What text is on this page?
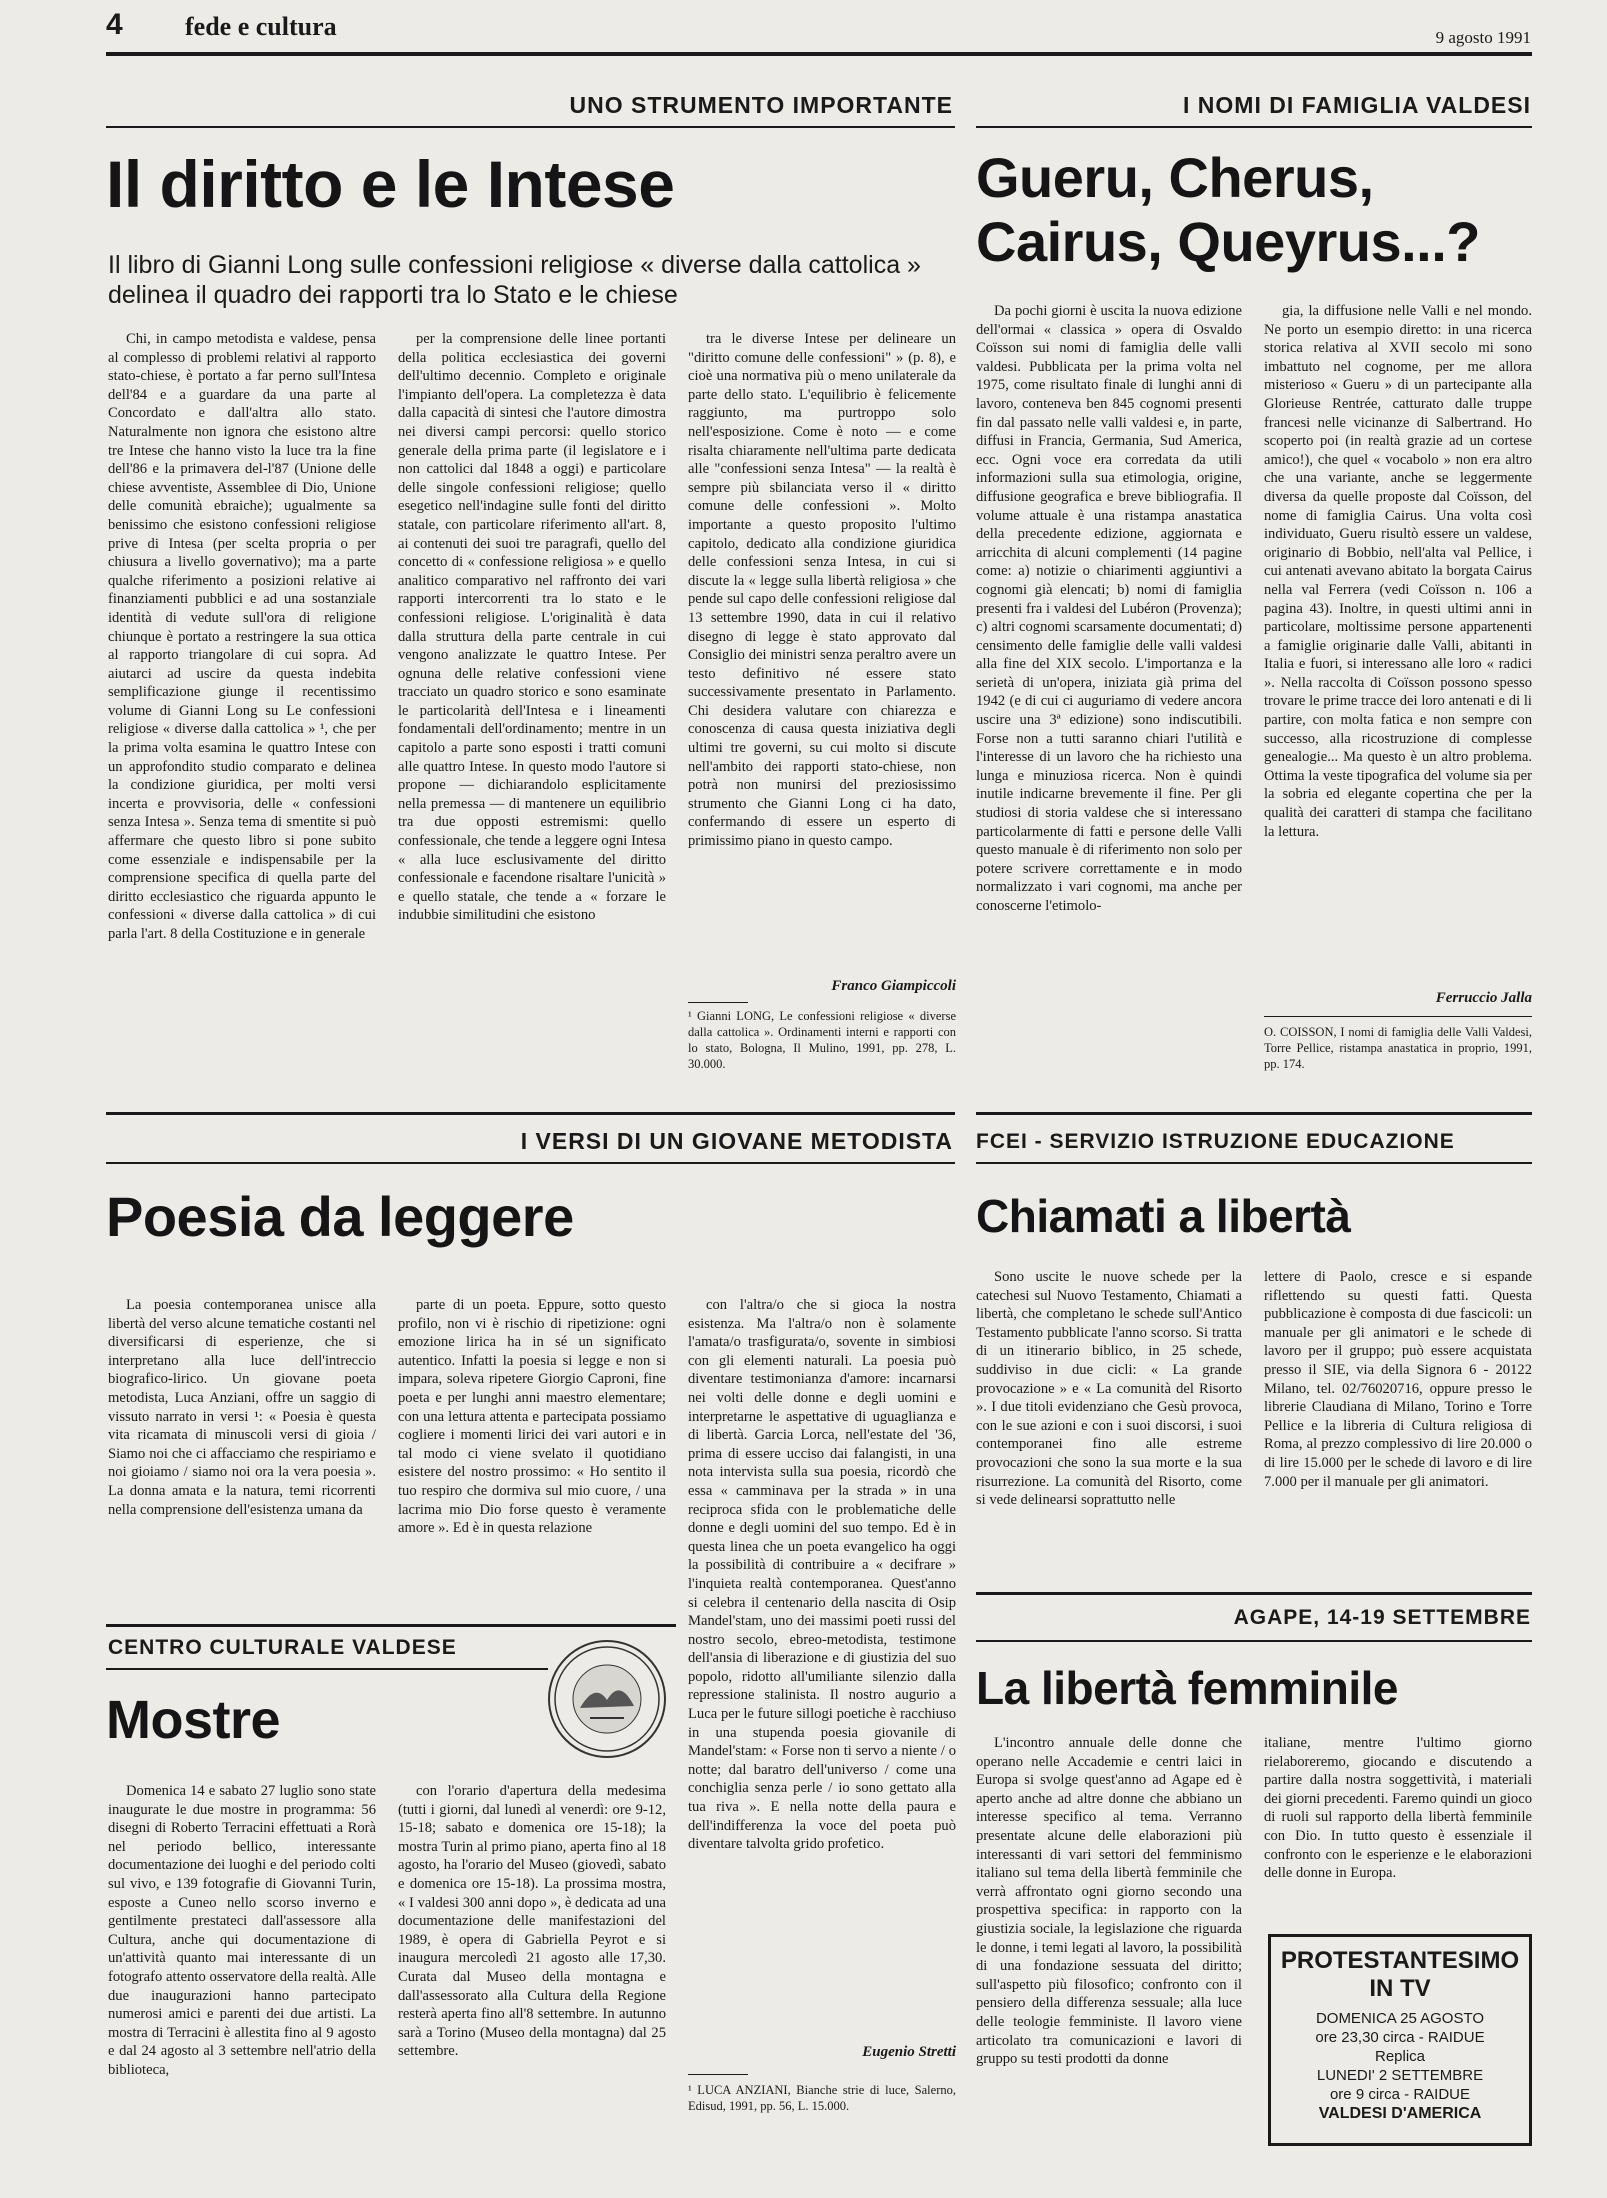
4 fede e cultura	9 agosto 1991
UNO STRUMENTO IMPORTANTE
Il diritto e le Intese
Il libro di Gianni Long sulle confessioni religiose « diverse dalla cattolica » delinea il quadro dei rapporti tra lo Stato e le chiese

Chi, in campo metodista e valdese, pensa al complesso di problemi relativi al rapporto stato-chiese, è portato a far perno sull'Intesa dell'84 e a guardare da una parte al Concordato e dall'altra allo stato. Naturalmente non ignora che esistono altre tre Intese che hanno visto la luce tra la fine dell'86 e la primavera del-l'87 (Unione delle chiese avventiste, Assemblee di Dio, Unione delle comunità ebraiche); ugualmente sa benissimo che esistono confessioni religiose prive di Intesa (per scelta propria o per chiusura a livello governativo); ma a parte qualche riferimento a posizioni relative ai finanziamenti pubblici e ad una sostanziale identità di vedute sull'ora di religione chiunque è portato a restringere la sua ottica al rapporto triangolare di cui sopra. Ad aiutarci ad uscire da questa indebita semplificazione giunge il recentissimo volume di Gianni Long su Le confessioni religiose « diverse dalla cattolica » ¹, che per la prima volta esamina le quattro Intese con un approfondito studio comparato e delinea la condizione giuridica, per molti versi incerta e provvisoria, delle « confessioni senza Intesa ». Senza tema di smentite si può affermare che questo libro si pone subito come essenziale e indispensabile per la comprensione specifica di quella parte del diritto ecclesiastico che riguarda appunto le confessioni « diverse dalla cattolica » di cui parla l'art. 8 della Costituzione e in generale

per la comprensione delle linee portanti della politica ecclesiastica dei governi dell'ultimo decennio. Completo e originale l'impianto dell'opera. La completezza è data dalla capacità di sintesi che l'autore dimostra nei diversi campi percorsi: quello storico generale della prima parte (il legislatore e i non cattolici dal 1848 a oggi) e particolare delle singole confessioni religiose; quello esegetico nell'indagine sulle fonti del diritto statale, con particolare riferimento all'art. 8, ai contenuti dei suoi tre paragrafi, quello del concetto di « confessione religiosa » e quello analitico comparativo nel raffronto dei vari rapporti intercorrenti tra lo stato e le confessioni religiose. L'originalità è data dalla struttura della parte centrale in cui vengono analizzate le quattro Intese. Per ognuna delle relative confessioni viene tracciato un quadro storico e sono esaminate le particolarità dell'Intesa e i lineamenti fondamentali dell'ordinamento; mentre in un capitolo a parte sono esposti i tratti comuni alle quattro Intese. In questo modo l'autore si propone — dichiarandolo esplicitamente nella premessa — di mantenere un equilibrio tra due opposti estremismi: quello confessionale, che tende a leggere ogni Intesa « alla luce esclusivamente del diritto confessionale e facendone risaltare l'unicità » e quello statale, che tende a « forzare le indubbie similitudini che esistono

tra le diverse Intese per delineare un "diritto comune delle confessioni" » (p. 8), e cioè una normativa più o meno unilaterale da parte dello stato. L'equilibrio è felicemente raggiunto, ma purtroppo solo nell'esposizione. Come è noto — e come risalta chiaramente nell'ultima parte dedicata alle "confessioni senza Intesa" — la realtà è sempre più sbilanciata verso il « diritto comune delle confessioni ». Molto importante a questo proposito l'ultimo capitolo, dedicato alla condizione giuridica delle confessioni senza Intesa, in cui si discute la « legge sulla libertà religiosa » che pende sul capo delle confessioni religiose dal 13 settembre 1990, data in cui il relativo disegno di legge è stato approvato dal Consiglio dei ministri senza peraltro avere un testo definitivo né essere stato successivamente presentato in Parlamento. Chi desidera valutare con chiarezza e conoscenza di causa questa iniziativa degli ultimi tre governi, su cui molto si discute nell'ambito dei rapporti stato-chiese, non potrà non munirsi del preziosissimo strumento che Gianni Long ci ha dato, confermando di essere un esperto di primissimo piano in questo campo.

Franco Giampiccoli
¹ Gianni LONG, Le confessioni religiose « diverse dalla cattolica ». Ordinamenti interni e rapporti con lo stato, Bologna, Il Mulino, 1991, pp. 278, L. 30.000.
I NOMI DI FAMIGLIA VALDESI
Gueru, Cherus,
Cairus, Queyrus...?

Da pochi giorni è uscita la nuova edizione dell'ormai « classica » opera di Osvaldo Coïsson sui nomi di famiglia delle valli valdesi. Pubblicata per la prima volta nel 1975, come risultato finale di lunghi anni di lavoro, conteneva ben 845 cognomi presenti fin dal passato nelle valli valdesi e, in parte, diffusi in Francia, Germania, Sud America, ecc. Ogni voce era corredata da utili informazioni sulla sua etimologia, origine, diffusione geografica e breve bibliografia. Il volume attuale è una ristampa anastatica della precedente edizione, aggiornata e arricchita di alcuni complementi (14 pagine come: a) notizie o chiarimenti aggiuntivi a cognomi già elencati; b) nomi di famiglia presenti fra i valdesi del Lubéron (Provenza); c) altri cognomi scarsamente documentati; d) censimento delle famiglie delle valli valdesi alla fine del XIX secolo. L'importanza e la serietà di un'opera, iniziata già prima del 1942 (e di cui ci auguriamo di vedere ancora uscire una 3ª edizione) sono indiscutibili. Forse non a tutti saranno chiari l'utilità e l'interesse di un lavoro che ha richiesto una lunga e minuziosa ricerca. Non è quindi inutile indicarne brevemente il fine. Per gli studiosi di storia valdese che si interessano particolarmente di fatti e persone delle Valli questo manuale è di riferimento non solo per potere scrivere correttamente e in modo normalizzato i vari cognomi, ma anche per conoscerne l'etimolo-

gia, la diffusione nelle Valli e nel mondo. Ne porto un esempio diretto: in una ricerca storica relativa al XVII secolo mi sono imbattuto nel cognome, per me allora misterioso « Gueru » di un partecipante alla Glorieuse Rentrée, catturato dalle truppe francesi nelle vicinanze di Salbertrand. Ho scoperto poi (in realtà grazie ad un cortese amico!), che quel « vocabolo » non era altro che una variante, anche se leggermente diversa da quelle proposte dal Coïsson, del nome di famiglia Cairus. Una volta così individuato, Gueru risultò essere un valdese, originario di Bobbio, nell'alta val Pellice, i cui antenati avevano abitato la borgata Cairus nella val Ferrera (vedi Coïsson n. 106 a pagina 43). Inoltre, in questi ultimi anni in particolare, moltissime persone appartenenti a famiglie originarie dalle Valli, abitanti in Italia e fuori, si interessano alle loro « radici ». Nella raccolta di Coïsson possono spesso trovare le prime tracce dei loro antenati e di li partire, con molta fatica e non sempre con successo, alla ricostruzione di complesse genealogie... Ma questo è un altro problema. Ottima la veste tipografica del volume sia per la sobria ed elegante copertina che per la qualità dei caratteri di stampa che facilitano la lettura.

Ferruccio Jalla
O. COISSON, I nomi di famiglia delle Valli Valdesi, Torre Pellice, ristampa anastatica in proprio, 1991, pp. 174.
I VERSI DI UN GIOVANE METODISTA
Poesia da leggere

La poesia contemporanea unisce alla libertà del verso alcune tematiche costanti nel diversificarsi di esperienze, che si interpretano alla luce dell'intreccio biografico-lirico. Un giovane poeta metodista, Luca Anziani, offre un saggio di vissuto narrato in versi ¹: « Poesia è questa vita ricamata di minuscoli versi di gioia / Siamo noi che ci affacciamo che respiriamo e noi gioiamo / siamo noi ora la vera poesia ». La donna amata e la natura, temi ricorrenti nella comprensione dell'esistenza umana da

parte di un poeta. Eppure, sotto questo profilo, non vi è rischio di ripetizione: ogni emozione lirica ha in sé un significato autentico. Infatti la poesia si legge e non si impara, soleva ripetere Giorgio Caproni, fine poeta e per lunghi anni maestro elementare; con una lettura attenta e partecipata possiamo cogliere i momenti lirici dei vari autori e in tal modo ci viene svelato il quotidiano esistere del nostro prossimo: « Ho sentito il tuo respiro che dormiva sul mio cuore, / una lacrima mio Dio forse questo è veramente amore ». Ed è in questa relazione

con l'altra/o che si gioca la nostra esistenza. Ma l'altra/o non è solamente l'amata/o trasfigurata/o, sovente in simbiosi con gli elementi naturali. La poesia può diventare testimonianza d'amore: incarnarsi nei volti delle donne e degli uomini e interpretarne le aspettative di uguaglianza e di libertà. Garcia Lorca, nell'estate del '36, prima di essere ucciso dai falangisti, in una nota intervista sulla sua poesia, ricordò che essa « camminava per la strada » in una reciproca sfida con le problematiche delle donne e degli uomini del suo tempo. Ed è in questa linea che un poeta evangelico ha oggi la possibilità di contribuire a « decifrare » l'inquieta realtà contemporanea. Quest'anno si celebra il centenario della nascita di Osip Mandel'stam, uno dei massimi poeti russi del nostro secolo, ebreo-metodista, testimone dell'ansia di liberazione e di giustizia del suo popolo, ridotto all'umiliante silenzio dalla repressione stalinista. Il nostro augurio a Luca per le future sillogi poetiche è racchiuso in una stupenda poesia giovanile di Mandel'stam: « Forse non ti servo a niente / o notte; dal baratro dell'universo / come una conchiglia senza perle / io sono gettato alla tua riva ». E nella notte della paura e dell'indifferenza la voce del poeta può diventare talvolta grido profetico.

Eugenio Stretti
¹ LUCA ANZIANI, Bianche strie di luce, Salerno, Edisud, 1991, pp. 56, L. 15.000.
CENTRO CULTURALE VALDESE
Mostre

Domenica 14 e sabato 27 luglio sono state inaugurate le due mostre in programma: 56 disegni di Roberto Terracini effettuati a Rorà nel periodo bellico, interessante documentazione dei luoghi e del periodo colti sul vivo, e 139 fotografie di Giovanni Turin, esposte a Cuneo nello scorso inverno e gentilmente prestateci dall'assessore alla Cultura, anche qui documentazione di un'attività quanto mai interessante di un fotografo attento osservatore della realtà. Alle due inaugurazioni hanno partecipato numerosi amici e parenti dei due artisti. La mostra di Terracini è allestita fino al 9 agosto e dal 24 agosto al 3 settembre nell'atrio della biblioteca,

con l'orario d'apertura della medesima (tutti i giorni, dal lunedì al venerdì: ore 9-12, 15-18; sabato e domenica ore 15-18); la mostra Turin al primo piano, aperta fino al 18 agosto, ha l'orario del Museo (giovedì, sabato e domenica ore 15-18). La prossima mostra, « I valdesi 300 anni dopo », è dedicata ad una documentazione delle manifestazioni del 1989, è opera di Gabriella Peyrot e si inaugura mercoledì 21 agosto alle 17,30. Curata dal Museo della montagna e dall'assessorato alla Cultura della Regione resterà aperta fino all'8 settembre. In autunno sarà a Torino (Museo della montagna) dal 25 settembre.

FCEI - SERVIZIO ISTRUZIONE EDUCAZIONE
Chiamati a libertà

Sono uscite le nuove schede per la catechesi sul Nuovo Testamento, Chiamati a libertà, che completano le schede sull'Antico Testamento pubblicate l'anno scorso. Si tratta di un itinerario biblico, in 25 schede, suddiviso in due cicli: « La grande provocazione » e « La comunità del Risorto ». I due titoli evidenziano che Gesù provoca, con le sue azioni e con i suoi discorsi, i suoi contemporanei fino alle estreme provocazioni che sono la sua morte e la sua risurrezione. La comunità del Risorto, come si vede delinearsi soprattutto nelle

lettere di Paolo, cresce e si espande riflettendo su questi fatti. Questa pubblicazione è composta di due fascicoli: un manuale per gli animatori e le schede di lavoro per il gruppo; può essere acquistata presso il SIE, via della Signora 6 - 20122 Milano, tel. 02/76020716, oppure presso le librerie Claudiana di Milano, Torino e Torre Pellice e la libreria di Cultura religiosa di Roma, al prezzo complessivo di lire 20.000 o di lire 15.000 per le schede di lavoro e di lire 7.000 per il manuale per gli animatori.

AGAPE, 14-19 SETTEMBRE
La libertà femminile

L'incontro annuale delle donne che operano nelle Accademie e centri laici in Europa si svolge quest'anno ad Agape ed è aperto anche ad altre donne che abbiano un interesse specifico al tema. Verranno presentate alcune delle elaborazioni più interessanti di vari settori del femminismo italiano sul tema della libertà femminile che verrà affrontato ogni giorno secondo una prospettiva specifica: in rapporto con la giustizia sociale, la legislazione che riguarda le donne, i temi legati al lavoro, la possibilità di una fondazione sessuata del diritto; sull'aspetto più filosofico; confronto con il pensiero della differenza sessuale; alla luce delle teologie femministe. Il lavoro viene articolato tra comunicazioni e lavori di gruppo su testi prodotti da donne

italiane, mentre l'ultimo giorno rielaboreremo, giocando e discutendo a partire dalla nostra soggettività, i materiali dei giorni precedenti. Faremo quindi un gioco di ruoli sul rapporto della libertà femminile con Dio. In tutto questo è essenziale il confronto con le esperienze e le elaborazioni delle donne in Europa.

PROTESTANTESIMO
IN TV
DOMENICA 25 AGOSTO
ore 23,30 circa - RAIDUE
Replica
LUNEDI' 2 SETTEMBRE
ore 9 circa - RAIDUE
VALDESI D'AMERICA
